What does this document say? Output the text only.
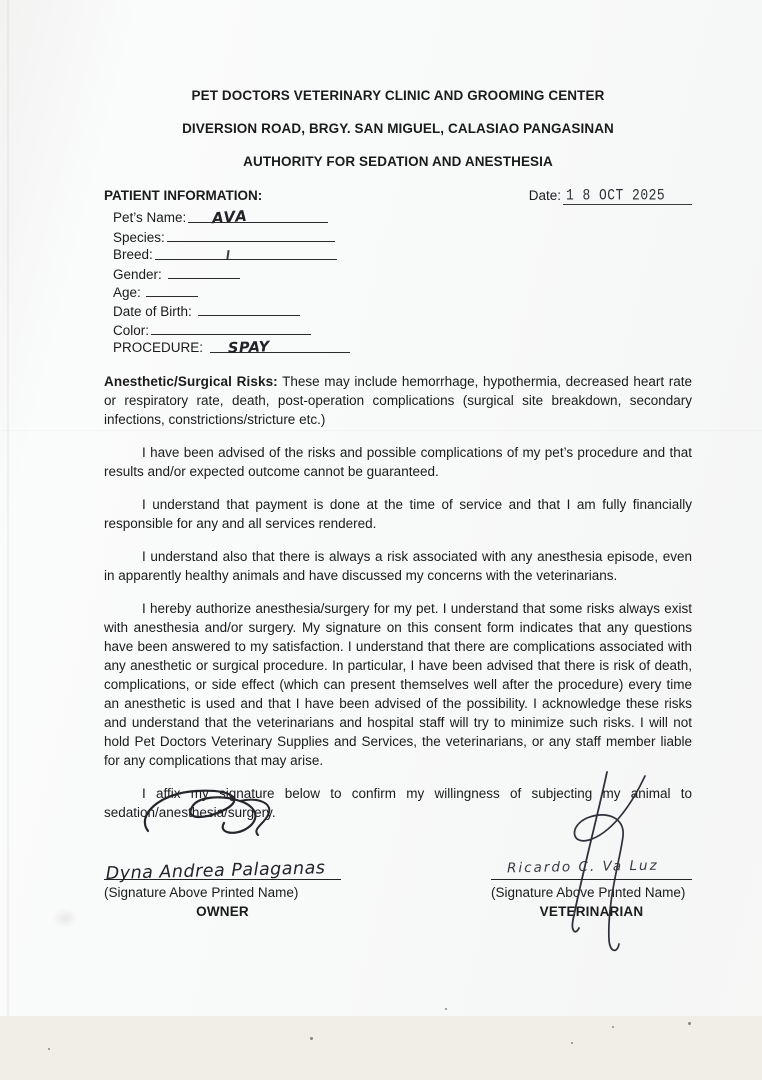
PET DOCTORS VETERINARY CLINIC AND GROOMING CENTER
DIVERSION ROAD, BRGY. SAN MIGUEL, CALASIAO PANGASINAN
AUTHORITY FOR SEDATION AND ANESTHESIA
PATIENT INFORMATION:	Date: 1 8 OCT 2025
Pet’s Name: AVA
Species:
Breed:
Gender:
Age:
Date of Birth:
Color:
PROCEDURE: SPAY
Anesthetic/Surgical Risks: These may include hemorrhage, hypothermia, decreased heart rate or respiratory rate, death, post-operation complications (surgical site breakdown, secondary infections, constrictions/stricture etc.)
I have been advised of the risks and possible complications of my pet’s procedure and that results and/or expected outcome cannot be guaranteed.
I understand that payment is done at the time of service and that I am fully financially responsible for any and all services rendered.
I understand also that there is always a risk associated with any anesthesia episode, even in apparently healthy animals and have discussed my concerns with the veterinarians.
I hereby authorize anesthesia/surgery for my pet. I understand that some risks always exist with anesthesia and/or surgery. My signature on this consent form indicates that any questions have been answered to my satisfaction. I understand that there are complications associated with any anesthetic or surgical procedure. In particular, I have been advised that there is risk of death, complications, or side effect (which can present themselves well after the procedure) every time an anesthetic is used and that I have been advised of the possibility. I acknowledge these risks and understand that the veterinarians and hospital staff will try to minimize such risks. I will not hold Pet Doctors Veterinary Supplies and Services, the veterinarians, or any staff member liable for any complications that may arise.
I affix my signature below to confirm my willingness of subjecting my animal to sedation/anesthesia/surgery.
Dyna Andrea Palaganas
(Signature Above Printed Name)
OWNER
Ricardo C. Va Luz
(Signature Above Printed Name)
VETERINARIAN
